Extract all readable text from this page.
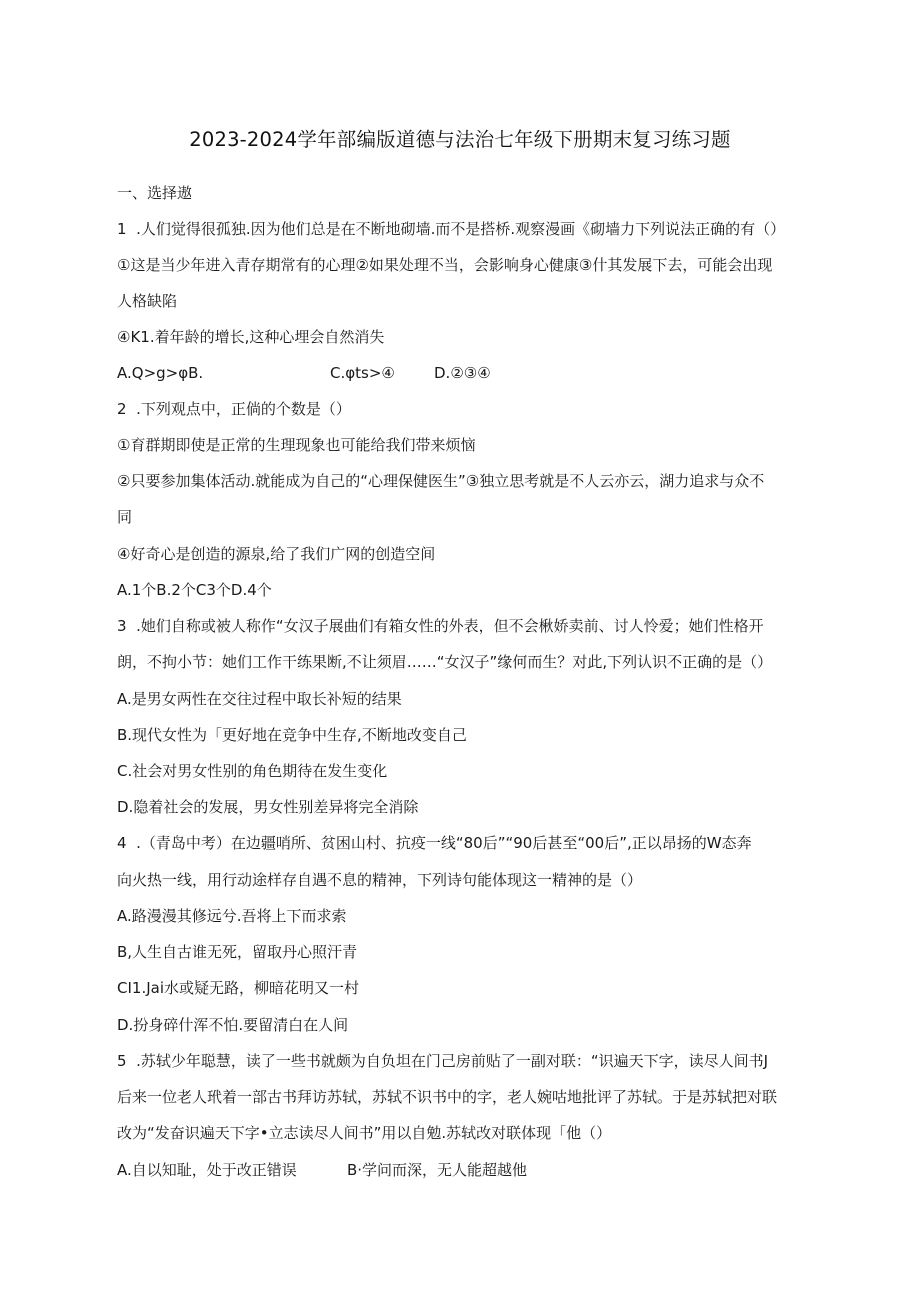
2023-2024学年部编版道德与法治七年级下册期末复习练习题
一、选择遨
1  .人们觉得很孤独.因为他们总是在不断地砌墙.而不是搭桥.观察漫画《砌墙力下列说法正确的有（）
①这是当少年进入青存期常有的心理②如果处理不当，会影响身心健康③什其发展下去，可能会出现
人格缺陷
④K1.着年龄的增长,这种心埋会自然消失
A.Q>g>φB.	C.φts>④	D.②③④
2  .下列观点中，正倘的个数是（）
①育群期即使是正常的生理现象也可能给我们带来烦恼
②只要参加集体活动.就能成为自己的“心理保健医生”③独立思考就是不人云亦云，湖力追求与众不
同
④好奇心是创造的源泉,给了我们广网的创造空间
A.1个B.2个C3个D.4个
3  .她们自称或被人称作“女汉子展曲们有箱女性的外表，但不会楸娇卖前、讨人怜爱；她们性格开
朗，不拘小节：她们工作干练果断,不让须眉……“女汉子”缘何而生？对此,下列认识不正确的是（）
A.是男女两性在交往过程中取长补短的结果
B.现代女性为「更好地在竞争中生存,不断地改变自己
C.社会对男女性别的角色期待在发生变化
D.隐着社会的发展，男女性别差异将完全消除
4  .（青岛中考）在边疆哨所、贫困山村、抗疫一线“80后”“90后甚至“00后”,正以昂扬的W态奔
向火热一线，用行动途样存自遇不息的精神，下列诗句能体现这一精神的是（）
A.路漫漫其修远兮.吾将上下而求索
B,人生自古谁无死，留取丹心照汗青
CI1.Jai水或疑无路，柳暗花明又一村
D.扮身碎什浑不怕.要留清白在人间
5  .苏轼少年聪慧，读了一些书就颇为自负坦在门己房前贴了一副对联：“识遍天下字，读尽人间书J
后来一位老人玳着一部古书拜访苏轼，苏轼不识书中的字，老人婉咕地批评了苏轼。于是苏轼把对联
改为“发奋识遍天下字•立志读尽人间书”用以自勉.苏轼改对联体现「他（）
A.自以知耻，处于改正错误	B·学问而深，无人能超越他
